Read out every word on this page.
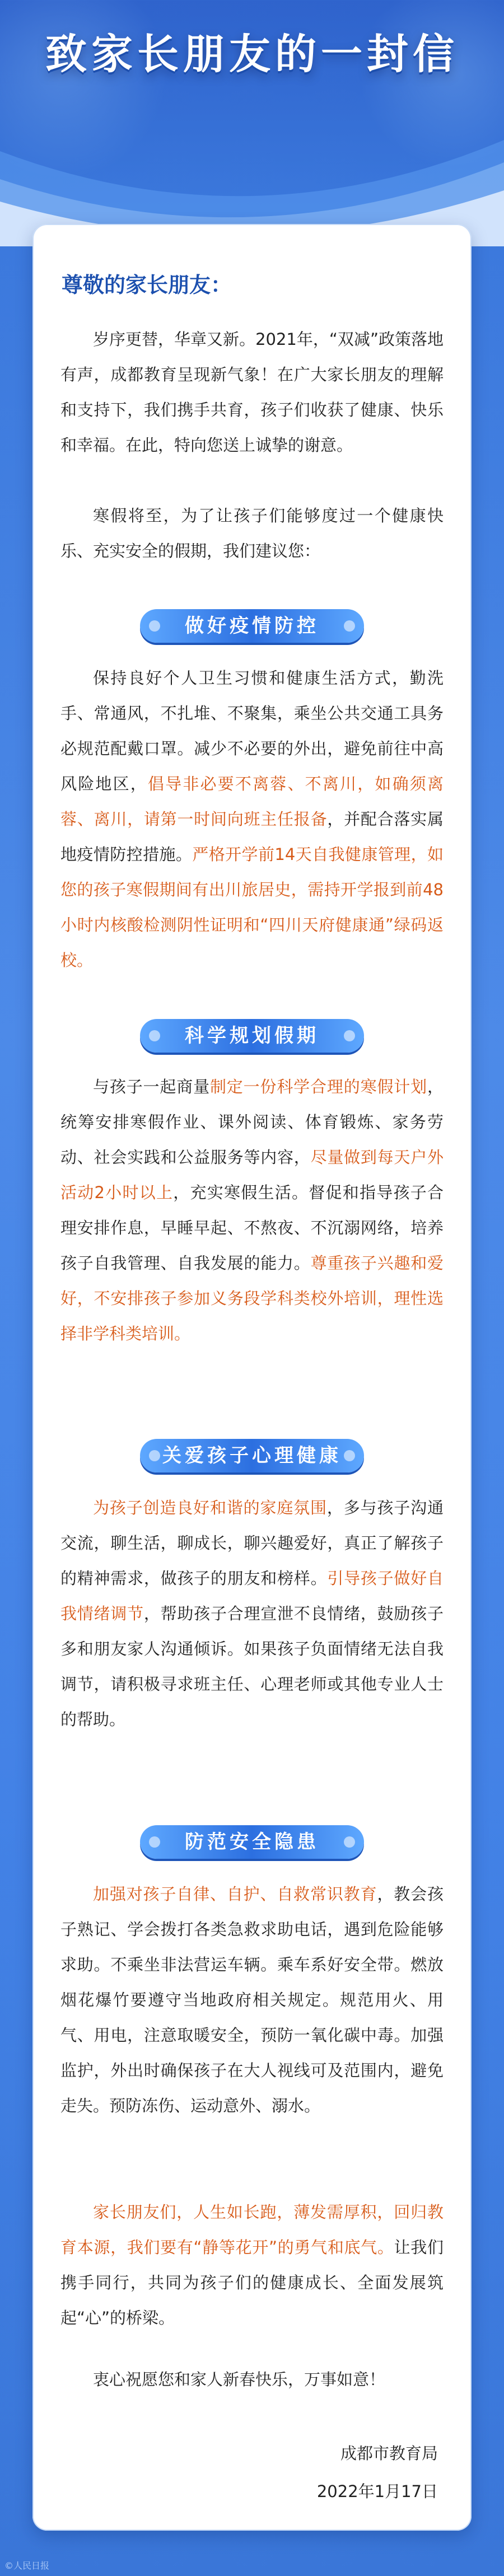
致家长朋友的一封信
尊敬的家长朋友：
岁序更替，华章又新。2021年，“双减”政策落地有声，成都教育呈现新气象！在广大家长朋友的理解和支持下，我们携手共育，孩子们收获了健康、快乐和幸福。在此，特向您送上诚挚的谢意。
寒假将至，为了让孩子们能够度过一个健康快乐、充实安全的假期，我们建议您：
做好疫情防控
保持良好个人卫生习惯和健康生活方式，勤洗手、常通风，不扎堆、不聚集，乘坐公共交通工具务必规范配戴口罩。减少不必要的外出，避免前往中高风险地区，倡导非必要不离蓉、不离川，如确须离蓉、离川，请第一时间向班主任报备，并配合落实属地疫情防控措施。严格开学前14天自我健康管理，如您的孩子寒假期间有出川旅居史，需持开学报到前48小时内核酸检测阴性证明和“四川天府健康通”绿码返校。
科学规划假期
与孩子一起商量制定一份科学合理的寒假计划，统筹安排寒假作业、课外阅读、体育锻炼、家务劳动、社会实践和公益服务等内容，尽量做到每天户外活动2小时以上，充实寒假生活。督促和指导孩子合理安排作息，早睡早起、不熬夜、不沉溺网络，培养孩子自我管理、自我发展的能力。尊重孩子兴趣和爱好，不安排孩子参加义务段学科类校外培训，理性选择非学科类培训。
关爱孩子心理健康
为孩子创造良好和谐的家庭氛围，多与孩子沟通交流，聊生活，聊成长，聊兴趣爱好，真正了解孩子的精神需求，做孩子的朋友和榜样。引导孩子做好自我情绪调节，帮助孩子合理宣泄不良情绪，鼓励孩子多和朋友家人沟通倾诉。如果孩子负面情绪无法自我调节，请积极寻求班主任、心理老师或其他专业人士的帮助。
防范安全隐患
加强对孩子自律、自护、自救常识教育，教会孩子熟记、学会拨打各类急救求助电话，遇到危险能够求助。不乘坐非法营运车辆。乘车系好安全带。燃放烟花爆竹要遵守当地政府相关规定。规范用火、用气、用电，注意取暖安全，预防一氧化碳中毒。加强监护，外出时确保孩子在大人视线可及范围内，避免走失。预防冻伤、运动意外、溺水。
家长朋友们，人生如长跑，薄发需厚积，回归教育本源，我们要有“静等花开”的勇气和底气。让我们携手同行，共同为孩子们的健康成长、全面发展筑起“心”的桥梁。
衷心祝愿您和家人新春快乐，万事如意！
成都市教育局
2022年1月17日
©人民日报
